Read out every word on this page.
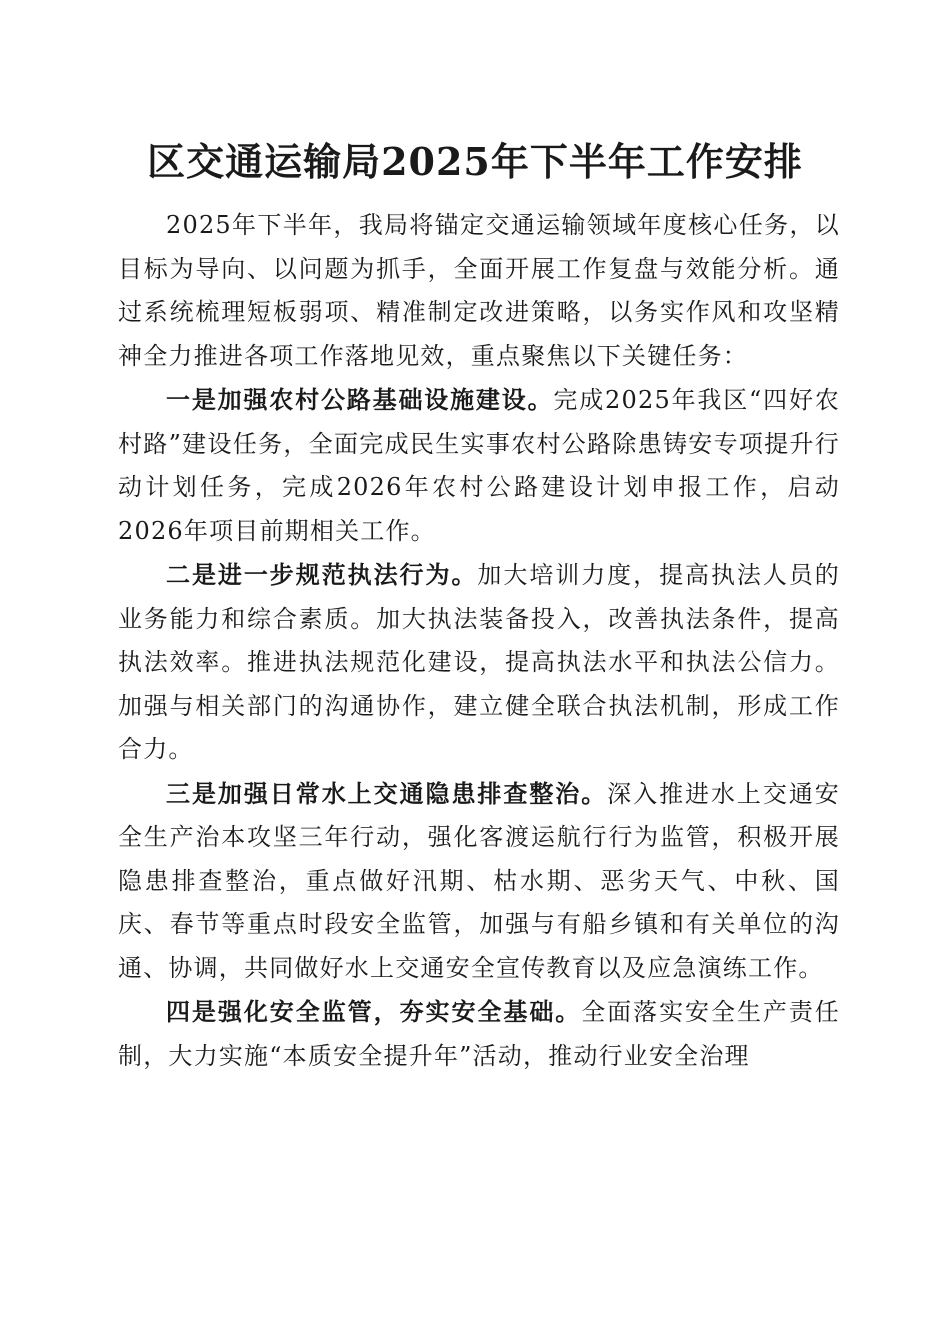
区交通运输局2025年下半年工作安排

2025年下半年，我局将锚定交通运输领域年度核心任务，以目标为导向、以问题为抓手，全面开展工作复盘与效能分析。通过系统梳理短板弱项、精准制定改进策略，以务实作风和攻坚精神全力推进各项工作落地见效，重点聚焦以下关键任务：

一是加强农村公路基础设施建设。完成2025年我区“四好农村路”建设任务，全面完成民生实事农村公路除患铸安专项提升行动计划任务，完成2026年农村公路建设计划申报工作，启动2026年项目前期相关工作。

二是进一步规范执法行为。加大培训力度，提高执法人员的业务能力和综合素质。加大执法装备投入，改善执法条件，提高执法效率。推进执法规范化建设，提高执法水平和执法公信力。加强与相关部门的沟通协作，建立健全联合执法机制，形成工作合力。

三是加强日常水上交通隐患排查整治。深入推进水上交通安全生产治本攻坚三年行动，强化客渡运航行行为监管，积极开展隐患排查整治，重点做好汛期、枯水期、恶劣天气、中秋、国庆、春节等重点时段安全监管，加强与有船乡镇和有关单位的沟通、协调，共同做好水上交通安全宣传教育以及应急演练工作。

四是强化安全监管，夯实安全基础。全面落实安全生产责任制，大力实施“本质安全提升年”活动，推动行业安全治理
